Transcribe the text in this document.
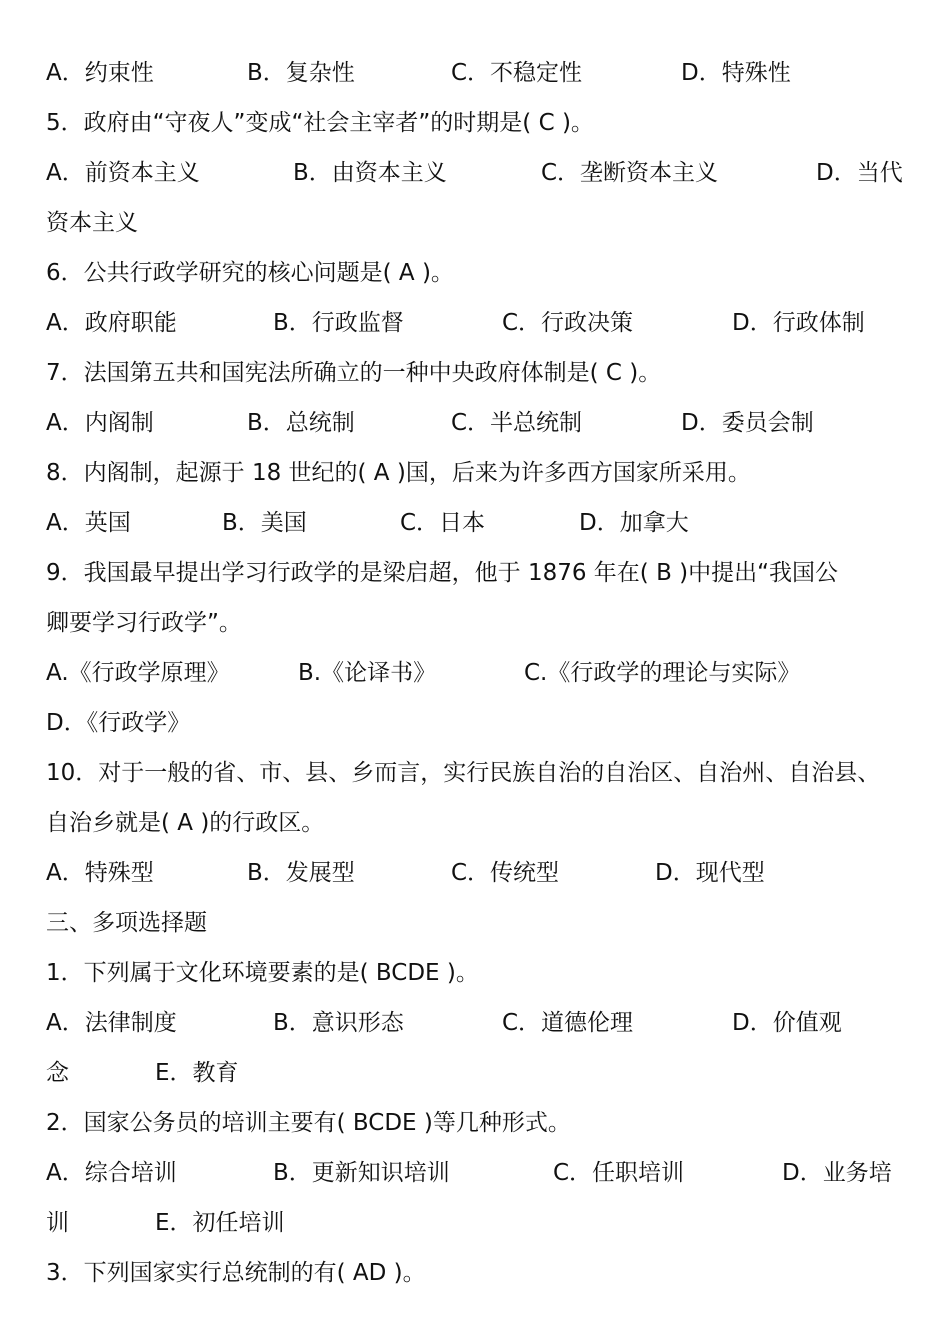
A．约束性	B．复杂性	C．不稳定性	D．特殊性
5．政府由“守夜人”变成“社会主宰者”的时期是( C )。
A．前资本主义	B．由资本主义	C．垄断资本主义	D．当代
资本主义
6．公共行政学研究的核心问题是( A )。
A．政府职能	B．行政监督	C．行政决策	D．行政体制
7．法国第五共和国宪法所确立的一种中央政府体制是( C )。
A．内阁制	B．总统制	C．半总统制	D．委员会制
8．内阁制，起源于 18 世纪的( A )国，后来为许多西方国家所采用。
A．英国	B．美国	C．日本	D．加拿大
9．我国最早提出学习行政学的是梁启超，他于 1876 年在( B )中提出“我国公
卿要学习行政学”。
A.《行政学原理》	B.《论译书》	C.《行政学的理论与实际》
D．《行政学》
10．对于一般的省、市、县、乡而言，实行民族自治的自治区、自治州、自治县、
自治乡就是( A )的行政区。
A．特殊型	B．发展型	C．传统型	D．现代型
三、多项选择题
1．下列属于文化环境要素的是( BCDE )。
A．法律制度	B．意识形态	C．道德伦理	D．价值观
念	E．教育
2．国家公务员的培训主要有( BCDE )等几种形式。
A．综合培训	B．更新知识培训	C．任职培训	D．业务培
训	E．初任培训
3．下列国家实行总统制的有( AD )。
